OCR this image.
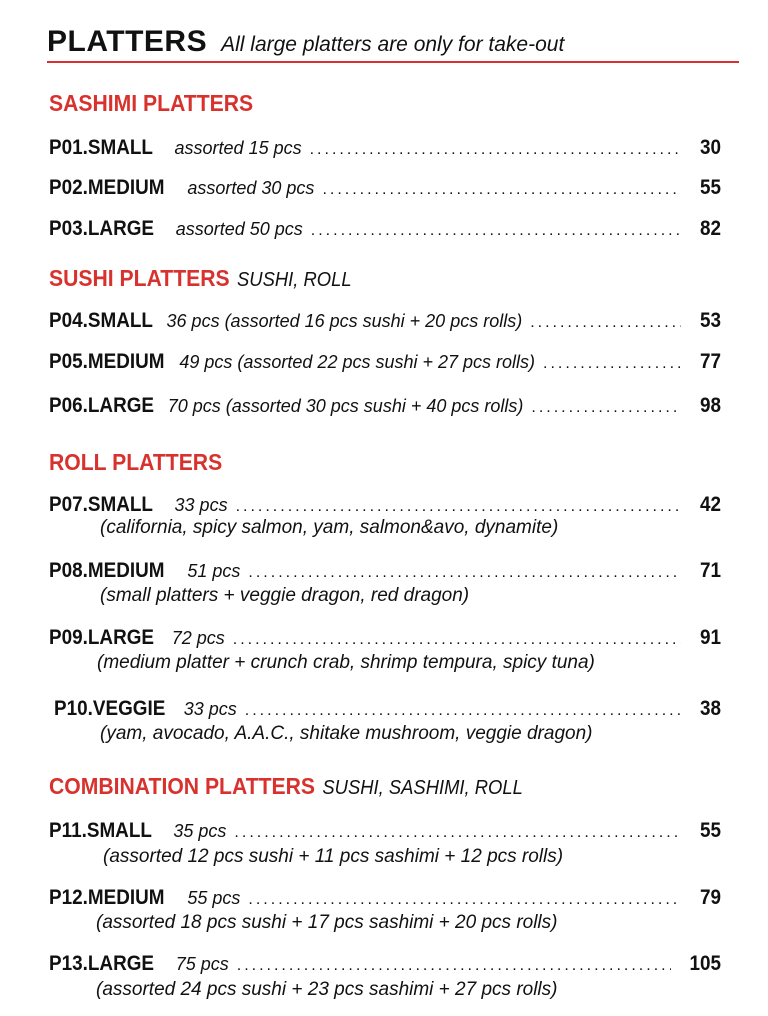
PLATTERS All large platters are only for take-out
SASHIMI PLATTERS
P01.SMALL assorted 15 pcs .....	30
P02.MEDIUM assorted 30 pcs .....	55
P03.LARGE assorted 50 pcs .....	82
SUSHI PLATTERS SUSHI, ROLL
P04.SMALL 36 pcs (assorted 16 pcs sushi + 20 pcs rolls) .....	53
P05.MEDIUM 49 pcs (assorted 22 pcs sushi + 27 pcs rolls) .....	77
P06.LARGE 70 pcs (assorted 30 pcs sushi + 40 pcs rolls) .....	98
ROLL PLATTERS
P07.SMALL 33 pcs .....	42
(california, spicy salmon, yam, salmon&avo, dynamite)
P08.MEDIUM 51 pcs .....	71
(small platters + veggie dragon, red dragon)
P09.LARGE 72 pcs .....	91
(medium platter + crunch crab, shrimp tempura, spicy tuna)
P10.VEGGIE 33 pcs .....	38
(yam, avocado, A.A.C., shitake mushroom, veggie dragon)
COMBINATION PLATTERS SUSHI, SASHIMI, ROLL
P11.SMALL 35 pcs .....	55
(assorted 12 pcs sushi + 11 pcs sashimi + 12 pcs rolls)
P12.MEDIUM 55 pcs .....	79
(assorted 18 pcs sushi + 17 pcs sashimi + 20 pcs rolls)
P13.LARGE 75 pcs .....	105
(assorted 24 pcs sushi + 23 pcs sashimi + 27 pcs rolls)
